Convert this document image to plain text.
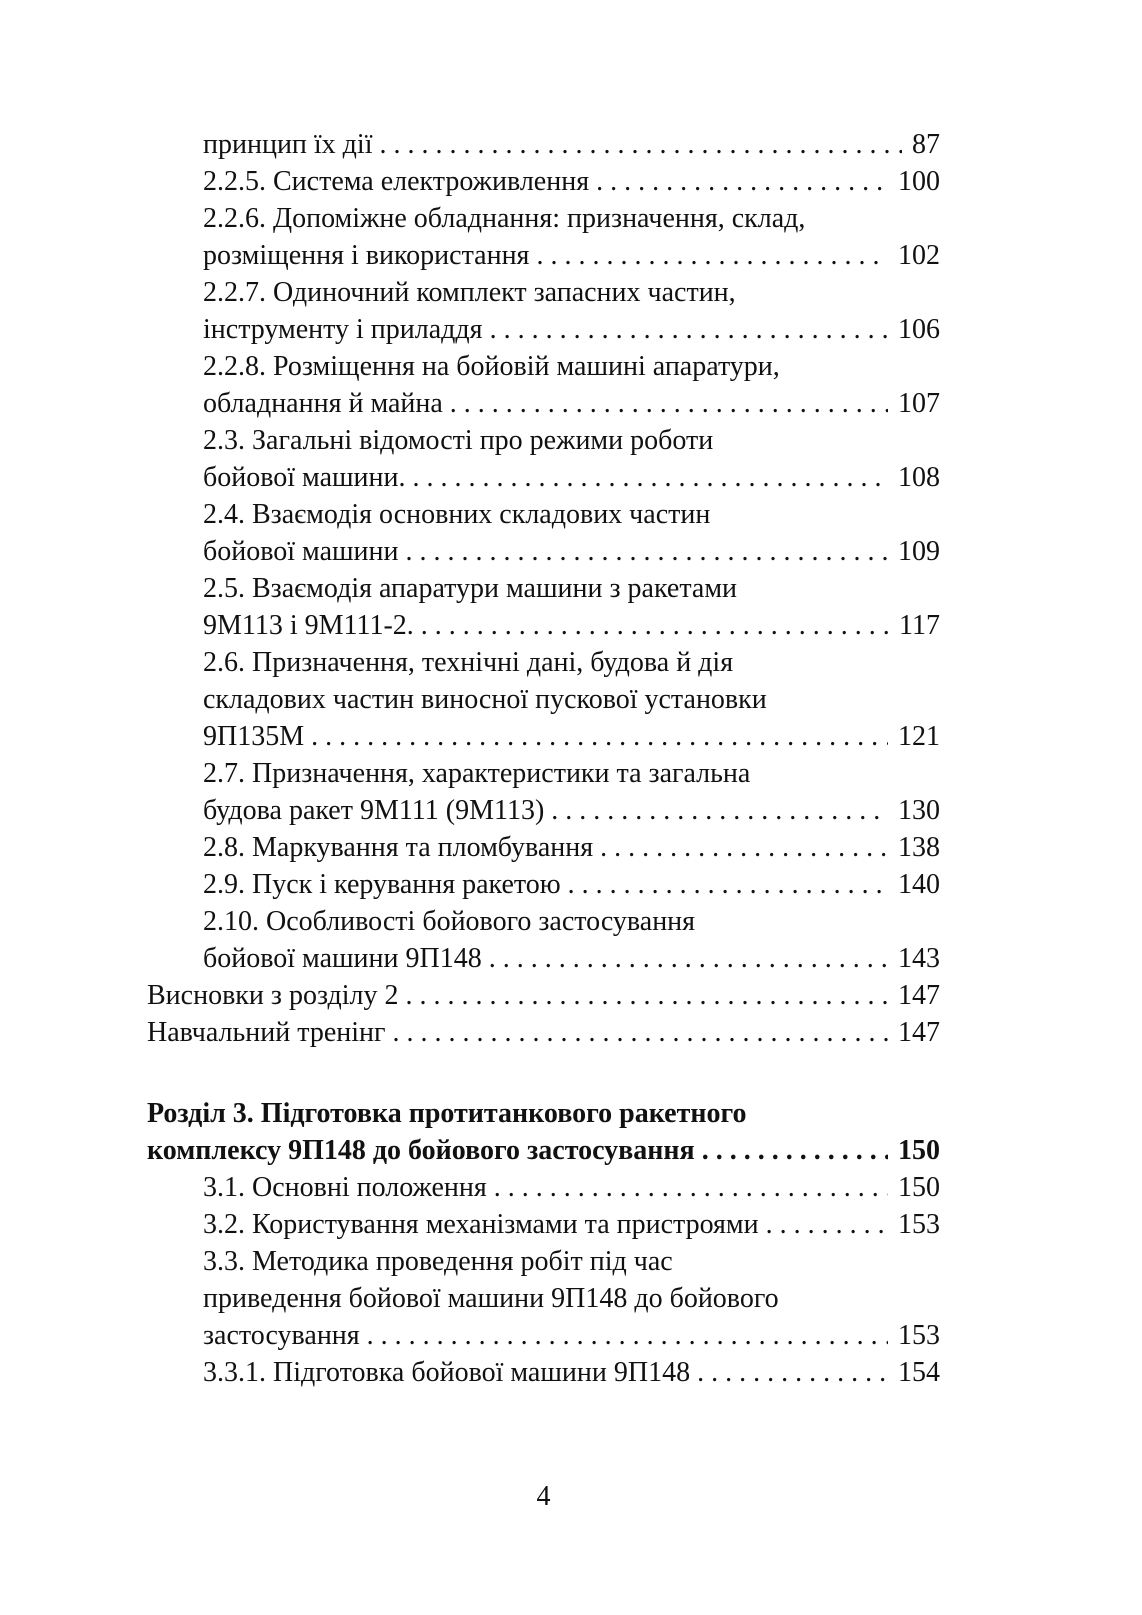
принцип їх дії . . .	87
2.2.5. Система електроживлення . . .	100
2.2.6. Допоміжне обладнання: призначення, склад,
розміщення і використання . . .	102
2.2.7. Одиночний комплект запасних частин,
інструменту і приладдя . . .	106
2.2.8. Розміщення на бойовій машині апаратури,
обладнання й майна . . .	107
2.3. Загальні відомості про режими роботи
бойової машини. . . .	108
2.4. Взаємодія основних складових частин
бойової машини . . .	109
2.5. Взаємодія апаратури машини з ракетами
9М113 і 9М111-2. . . .	117
2.6. Призначення, технічні дані, будова й дія
складових частин виносної пускової установки
9П135М . . .	121
2.7. Призначення, характеристики та загальна
будова ракет 9М111 (9М113) . . .	130
2.8. Маркування та пломбування . . .	138
2.9. Пуск і керування ракетою . . .	140
2.10. Особливості бойового застосування
бойової машини 9П148 . . .	143
Висновки з розділу 2 . . .	147
Навчальний тренінг . . .	147
Розділ 3. Підготовка протитанкового ракетного
комплексу 9П148 до бойового застосування . . .	150
3.1. Основні положення . . .	150
3.2. Користування механізмами та пристроями . . .	153
3.3. Методика проведення робіт під час
приведення бойової машини 9П148 до бойового
застосування . . .	153
3.3.1. Підготовка бойової машини 9П148 . . .	154
4
